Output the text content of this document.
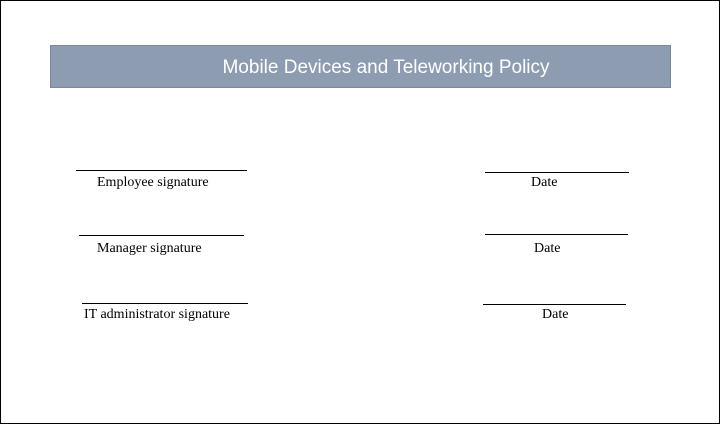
Mobile Devices and Teleworking Policy
Employee signature	Date
Manager signature	Date
IT administrator signature	Date
